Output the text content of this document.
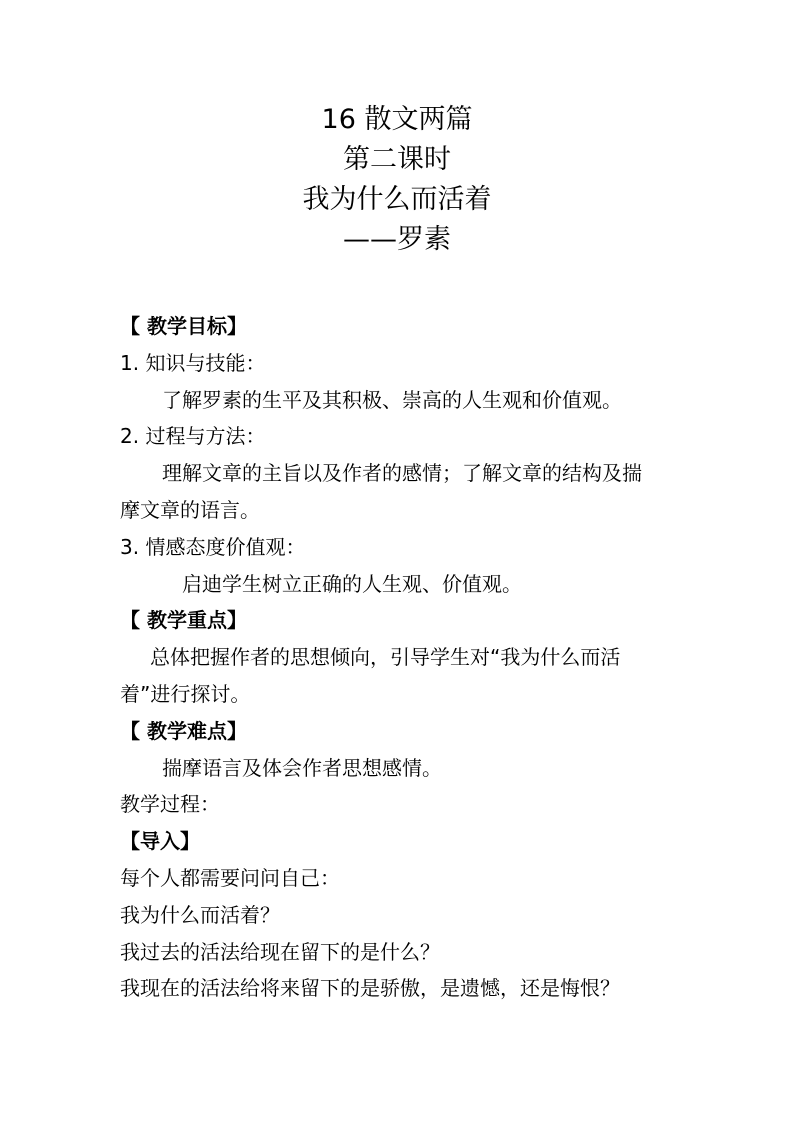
16 散文两篇
第二课时
我为什么而活着
——罗素
【 教学目标】
1. 知识与技能：
了解罗素的生平及其积极、崇高的人生观和价值观。
2. 过程与方法：
理解文章的主旨以及作者的感情；了解文章的结构及揣
摩文章的语言。
3. 情感态度价值观：
启迪学生树立正确的人生观、价值观。
【 教学重点】
总体把握作者的思想倾向，引导学生对“我为什么而活
着”进行探讨。
【 教学难点】
揣摩语言及体会作者思想感情。
教学过程：
【导入】
每个人都需要问问自己：
我为什么而活着？
我过去的活法给现在留下的是什么？
我现在的活法给将来留下的是骄傲，是遗憾，还是悔恨？
